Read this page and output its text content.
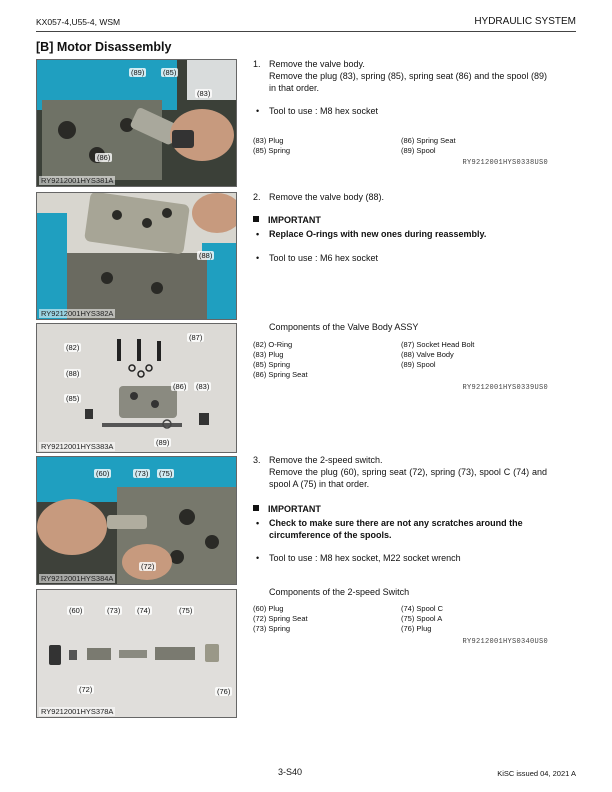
KX057-4,U55-4, WSM	HYDRAULIC SYSTEM
[B] Motor Disassembly
(89) (85)
(83)
(86)
RY9212001HYS381A
(88)
RY9212001HYS382A
(87)
(82)
(88)
(86) (83)
(85)
(89)
RY9212001HYS383A
(60)	(73) (75)
(72)
RY9212001HYS384A
(60)	(73) (74)	(75)
(72)	(76)
RY9212001HYS378A
1. Remove the valve body.
Remove the plug (83), spring (85), spring seat (86) and the spool (89) in that order.
• Tool to use : M8 hex socket
(83) Plug
(85) Spring
(86) Spring Seat
(89) Spool
RY9212001HYS0338US0
2. Remove the valve body (88).
IMPORTANT
• Replace O-rings with new ones during reassembly.
• Tool to use : M6 hex socket
Components of the Valve Body ASSY
(82) O-Ring
(83) Plug
(85) Spring
(86) Spring Seat
(87) Socket Head Bolt
(88) Valve Body
(89) Spool
RY9212001HYS0339US0
3. Remove the 2-speed switch.
Remove the plug (60), spring seat (72), spring (73), spool C (74) and spool A (75) in that order.
IMPORTANT
• Check to make sure there are not any scratches around the circumference of the spools.
• Tool to use : M8 hex socket, M22 socket wrench
Components of the 2-speed Switch
(60) Plug
(72) Spring Seat
(73) Spring
(74) Spool C
(75) Spool A
(76) Plug
RY9212001HYS0340US0
3-S40	KiSC issued 04, 2021 A
